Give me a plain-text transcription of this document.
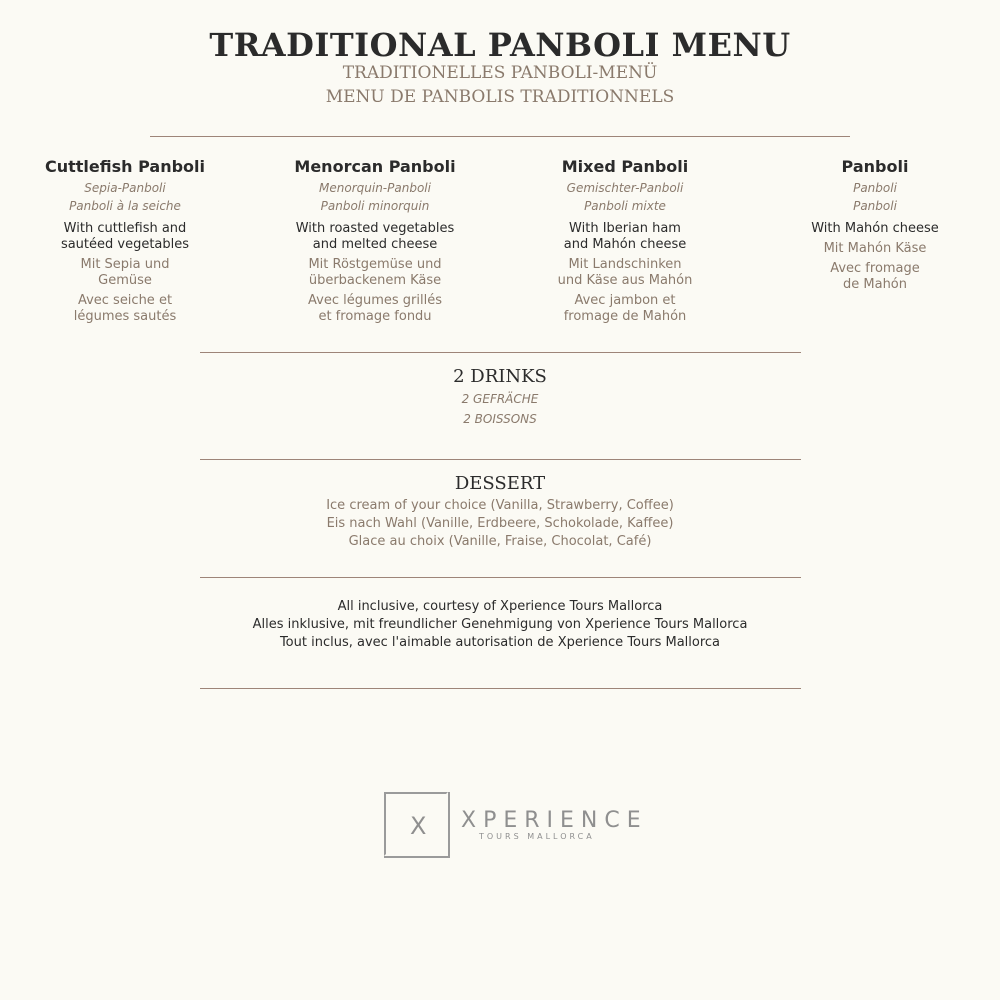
TRADITIONAL PANBOLI MENU
TRADITIONELLES PANBOLI-MENÜ
MENU DE PANBOLIS TRADITIONNELS
Cuttlefish Panboli
Sepia-Panboli
Panboli à la seiche
With cuttlefish and
sautéed vegetables
Mit Sepia und
Gemüse
Avec seiche et
légumes sautés
Menorcan Panboli
Menorquin-Panboli
Panboli minorquin
With roasted vegetables
and melted cheese
Mit Röstgemüse und
überbackenem Käse
Avec légumes grillés
et fromage fondu
Mixed Panboli
Gemischter-Panboli
Panboli mixte
With Iberian ham
and Mahón cheese
Mit Landschinken
und Käse aus Mahón
Avec jambon et
fromage de Mahón
Panboli
Panboli
Panboli
With Mahón cheese
Mit Mahón Käse
Avec fromage
de Mahón
2 DRINKS
2 GEFRÄCHE
2 BOISSONS
DESSERT
Ice cream of your choice (Vanilla, Strawberry, Coffee)
Eis nach Wahl (Vanille, Erdbeere, Schokolade, Kaffee)
Glace au choix (Vanille, Fraise, Chocolat, Café)
All inclusive, courtesy of Xperience Tours Mallorca
Alles inklusive, mit freundlicher Genehmigung von Xperience Tours Mallorca
Tout inclus, avec l'aimable autorisation de Xperience Tours Mallorca
X XPERIENCE
TOURS MALLORCA
